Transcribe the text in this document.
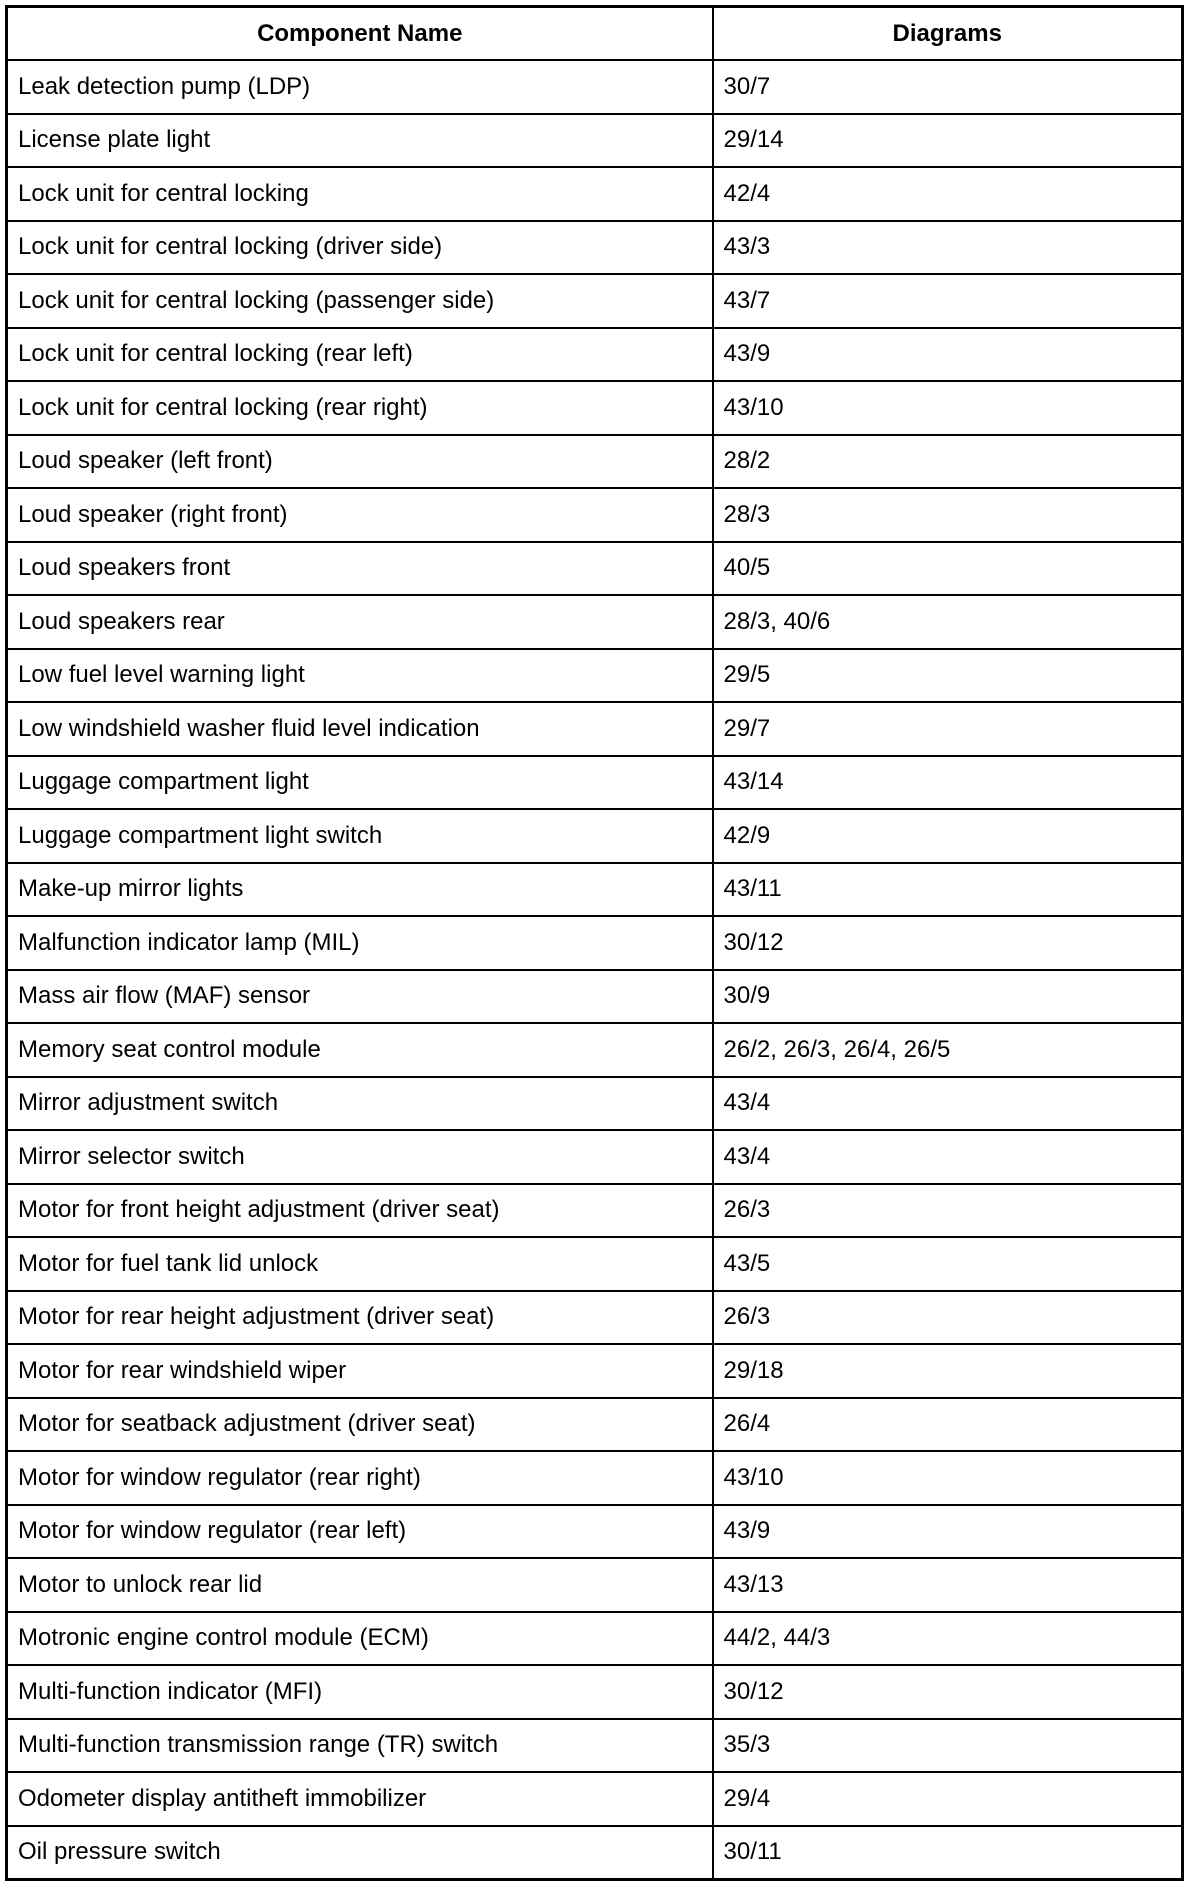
Component Name	Diagrams
Leak detection pump (LDP)	30/7
License plate light	29/14
Lock unit for central locking	42/4
Lock unit for central locking (driver side)	43/3
Lock unit for central locking (passenger side)	43/7
Lock unit for central locking (rear left)	43/9
Lock unit for central locking (rear right)	43/10
Loud speaker (left front)	28/2
Loud speaker (right front)	28/3
Loud speakers front	40/5
Loud speakers rear	28/3, 40/6
Low fuel level warning light	29/5
Low windshield washer fluid level indication	29/7
Luggage compartment light	43/14
Luggage compartment light switch	42/9
Make-up mirror lights	43/11
Malfunction indicator lamp (MIL)	30/12
Mass air flow (MAF) sensor	30/9
Memory seat control module	26/2, 26/3, 26/4, 26/5
Mirror adjustment switch	43/4
Mirror selector switch	43/4
Motor for front height adjustment (driver seat)	26/3
Motor for fuel tank lid unlock	43/5
Motor for rear height adjustment (driver seat)	26/3
Motor for rear windshield wiper	29/18
Motor for seatback adjustment (driver seat)	26/4
Motor for window regulator (rear right)	43/10
Motor for window regulator (rear left)	43/9
Motor to unlock rear lid	43/13
Motronic engine control module (ECM)	44/2, 44/3
Multi-function indicator (MFI)	30/12
Multi-function transmission range (TR) switch	35/3
Odometer display antitheft immobilizer	29/4
Oil pressure switch	30/11
